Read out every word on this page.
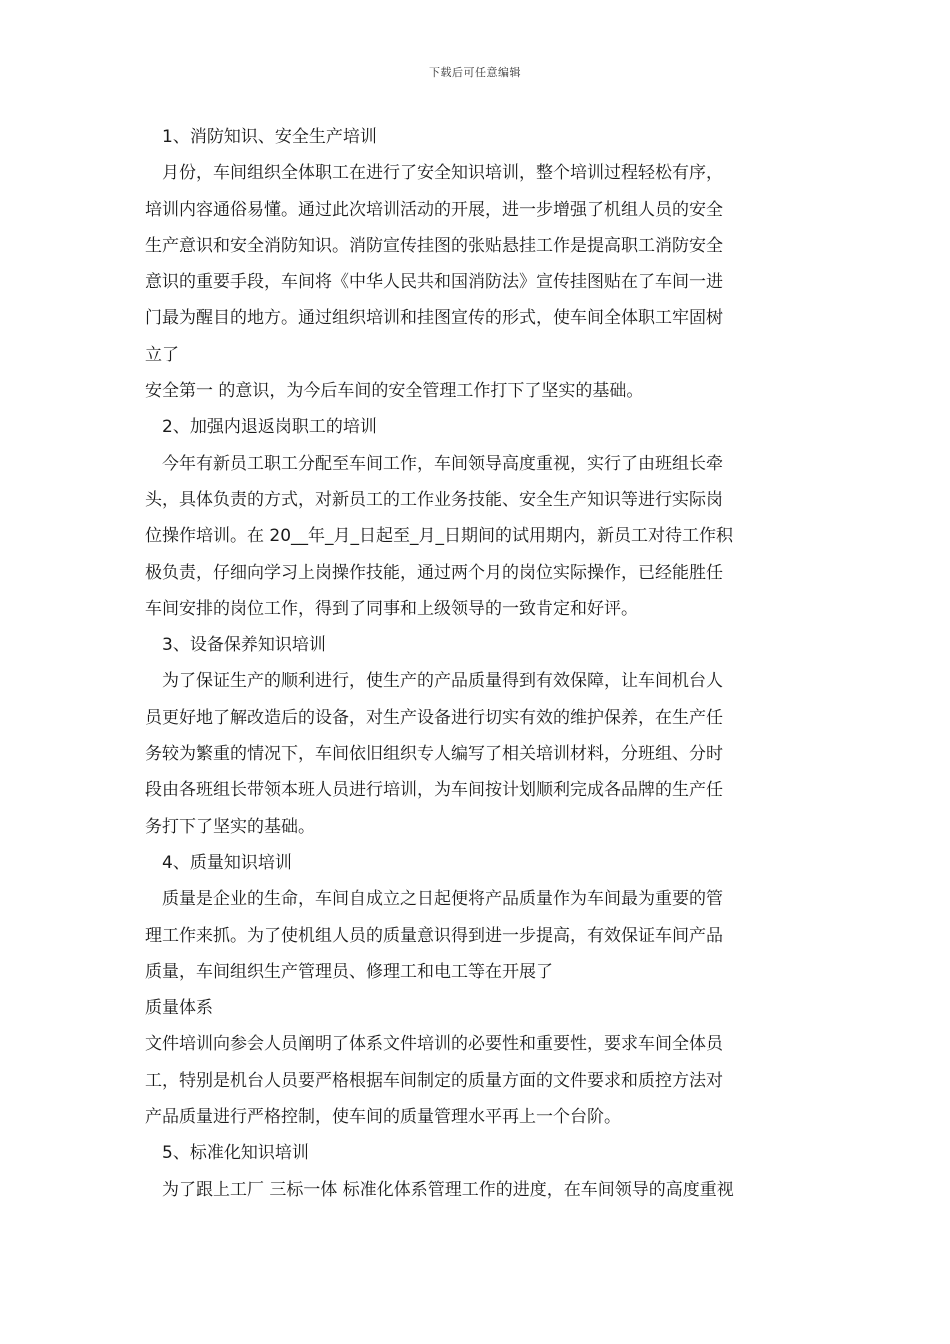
下载后可任意编辑
1、消防知识、安全生产培训
月份，车间组织全体职工在进行了安全知识培训，整个培训过程轻松有序，
培训内容通俗易懂。通过此次培训活动的开展，进一步增强了机组人员的安全
生产意识和安全消防知识。消防宣传挂图的张贴悬挂工作是提高职工消防安全
意识的重要手段，车间将《中华人民共和国消防法》宣传挂图贴在了车间一进
门最为醒目的地方。通过组织培训和挂图宣传的形式，使车间全体职工牢固树
立了
安全第一 的意识，为今后车间的安全管理工作打下了坚实的基础。
2、加强内退返岗职工的培训
今年有新员工职工分配至车间工作，车间领导高度重视，实行了由班组长牵
头，具体负责的方式，对新员工的工作业务技能、安全生产知识等进行实际岗
位操作培训。在 20__年_月_日起至_月_日期间的试用期内，新员工对待工作积
极负责，仔细向学习上岗操作技能，通过两个月的岗位实际操作，已经能胜任
车间安排的岗位工作，得到了同事和上级领导的一致肯定和好评。
3、设备保养知识培训
为了保证生产的顺利进行，使生产的产品质量得到有效保障，让车间机台人
员更好地了解改造后的设备，对生产设备进行切实有效的维护保养，在生产任
务较为繁重的情况下，车间依旧组织专人编写了相关培训材料，分班组、分时
段由各班组长带领本班人员进行培训，为车间按计划顺利完成各品牌的生产任
务打下了坚实的基础。
4、质量知识培训
质量是企业的生命，车间自成立之日起便将产品质量作为车间最为重要的管
理工作来抓。为了使机组人员的质量意识得到进一步提高，有效保证车间产品
质量，车间组织生产管理员、修理工和电工等在开展了
质量体系
文件培训向参会人员阐明了体系文件培训的必要性和重要性，要求车间全体员
工，特别是机台人员要严格根据车间制定的质量方面的文件要求和质控方法对
产品质量进行严格控制，使车间的质量管理水平再上一个台阶。
5、标准化知识培训
为了跟上工厂 三标一体 标准化体系管理工作的进度，在车间领导的高度重视
